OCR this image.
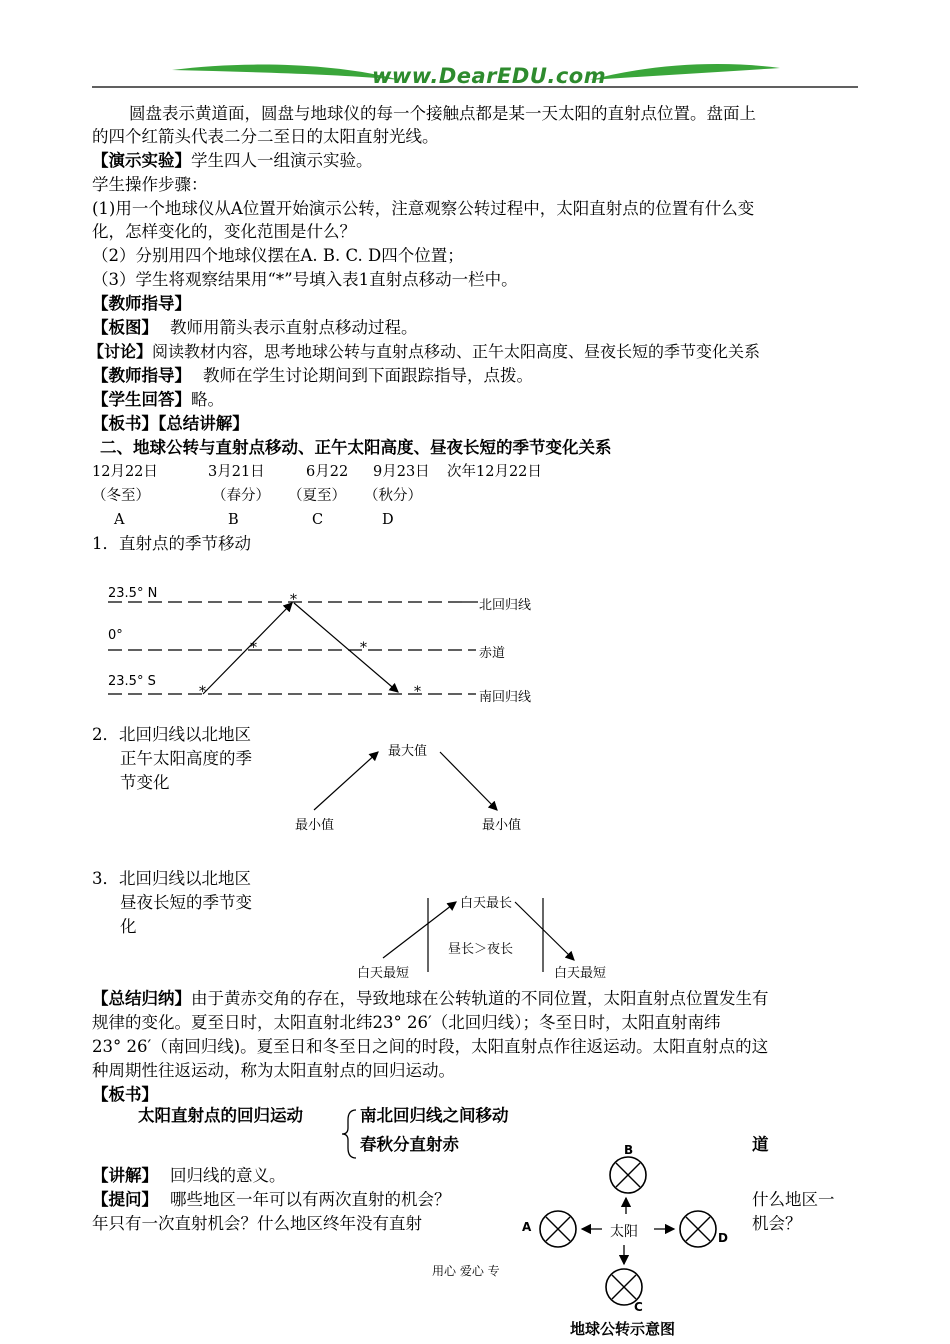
www.DearEDU.com
圆盘表示黄道面，圆盘与地球仪的每一个接触点都是某一天太阳的直射点位置。盘面上
的四个红箭头代表二分二至日的太阳直射光线。
【演示实验】学生四人一组演示实验。
学生操作步骤：
(1)用一个地球仪从A位置开始演示公转，注意观察公转过程中，太阳直射点的位置有什么变
化，怎样变化的，变化范围是什么？
（2）分别用四个地球仪摆在A. B. C. D四个位置；
（3）学生将观察结果用“*”号填入表1直射点移动一栏中。
【教师指导】
【板图】 教师用箭头表示直射点移动过程。
【讨论】阅读教材内容，思考地球公转与直射点移动、正午太阳高度、昼夜长短的季节变化关系
【教师指导】 教师在学生讨论期间到下面跟踪指导，点拨。
【学生回答】略。
【板书】【总结讲解】
二、地球公转与直射点移动、正午太阳高度、昼夜长短的季节变化关系
12月22日	3月21日	6月22 9月23日 次年12月22日
（冬至）	（春分） （夏至） （秋分）
A	B	C	D
1．直射点的季节移动
*
*	*
*	*
23.5° N
0°
23.5° S
北回归线
赤道
南回归线
2．北回归线以北地区
正午太阳高度的季
节变化
最大值
最小值	最小值
3．北回归线以北地区
昼夜长短的季节变
化
白天最长
昼长＞夜长
白天最短	白天最短
【总结归纳】由于黄赤交角的存在，导致地球在公转轨道的不同位置，太阳直射点位置发生有
规律的变化。夏至日时，太阳直射北纬23° 26′（北回归线）；冬至日时，太阳直射南纬
23° 26′（南回归线)。夏至日和冬至日之间的时段，太阳直射点作往返运动。太阳直射点的这
种周期性往返运动，称为太阳直射点的回归运动。
【板书】
太阳直射点的回归运动	南北回归线之间移动
春秋分直射赤	道
【讲解】 回归线的意义。
【提问】 哪些地区一年可以有两次直射的机会？	什么地区一
年只有一次直射机会？什么地区终年没有直射	机会？
太阳
A
B
C
D
地球公转示意图
用心 爱心 专
